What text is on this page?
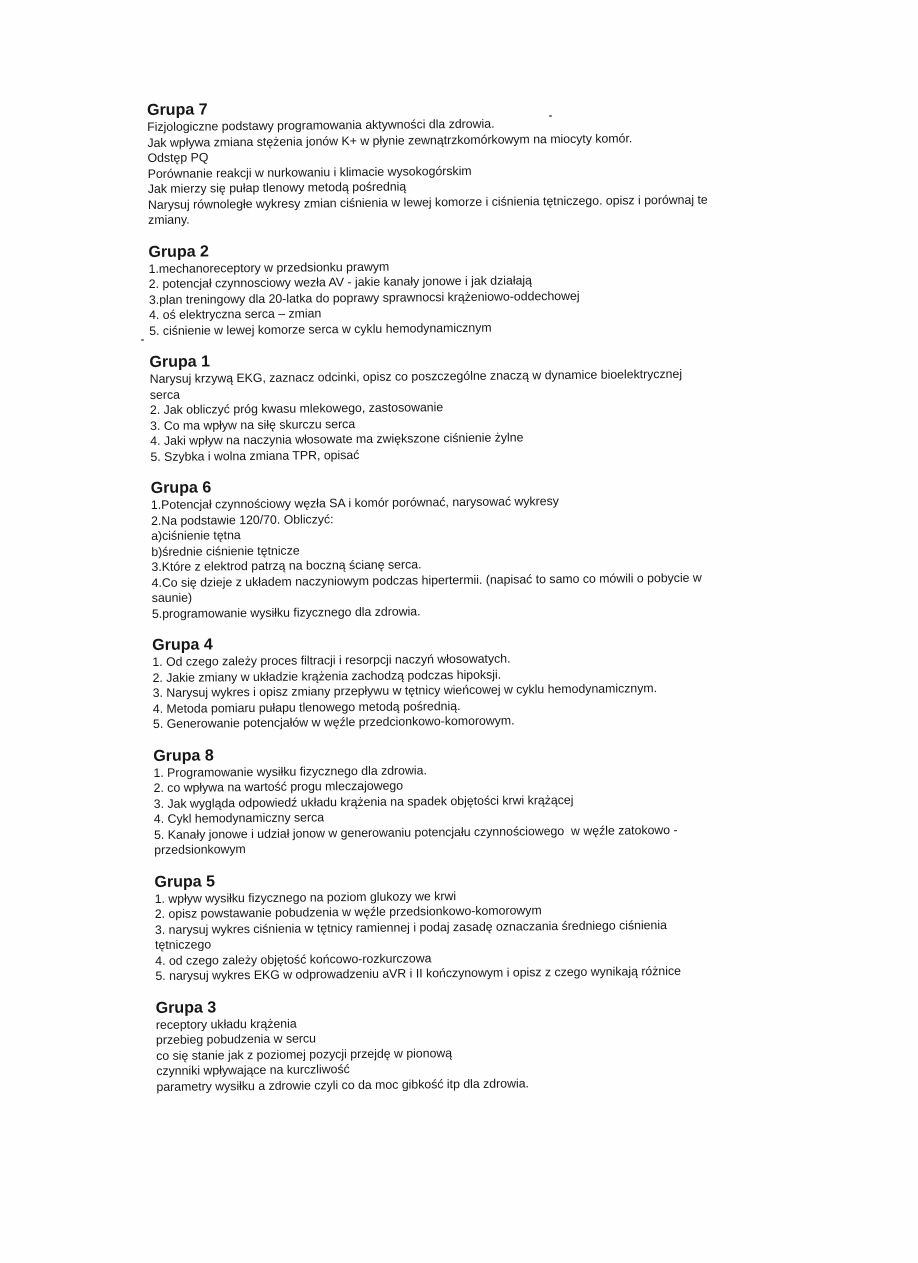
Grupa 7

Fizjologiczne podstawy programowania aktywności dla zdrowia.

Jak wpływa zmiana stężenia jonów K+ w płynie zewnątrzkomórkowym na miocyty komór.

Odstęp PQ

Porównanie reakcji w nurkowaniu i klimacie wysokogórskim

Jak mierzy się pułap tlenowy metodą pośrednią

Narysuj równoległe wykresy zmian ciśnienia w lewej komorze i ciśnienia tętniczego. opisz i porównaj te

zmiany.

Grupa 2

1.mechanoreceptory w przedsionku prawym

2. potencjał czynnosciowy wezła AV - jakie kanały jonowe i jak działają

3.plan treningowy dla 20-latka do poprawy sprawnocsi krążeniowo-oddechowej

4. oś elektryczna serca – zmian

5. ciśnienie w lewej komorze serca w cyklu hemodynamicznym

Grupa 1

Narysuj krzywą EKG, zaznacz odcinki, opisz co poszczególne znaczą w dynamice bioelektrycznej

serca

2. Jak obliczyć próg kwasu mlekowego, zastosowanie

3. Co ma wpływ na siłę skurczu serca

4. Jaki wpływ na naczynia włosowate ma zwiększone ciśnienie żylne

5. Szybka i wolna zmiana TPR, opisać

Grupa 6

1.Potencjał czynnościowy węzła SA i komór porównać, narysować wykresy

2.Na podstawie 120/70. Obliczyć:

a)ciśnienie tętna

b)średnie ciśnienie tętnicze

3.Które z elektrod patrzą na boczną ścianę serca.

4.Co się dzieje z układem naczyniowym podczas hipertermii. (napisać to samo co mówili o pobycie w

saunie)

5.programowanie wysiłku fizycznego dla zdrowia.

Grupa 4

1. Od czego zależy proces filtracji i resorpcji naczyń włosowatych.

2. Jakie zmiany w układzie krążenia zachodzą podczas hipoksji.

3. Narysuj wykres i opisz zmiany przepływu w tętnicy wieńcowej w cyklu hemodynamicznym.

4. Metoda pomiaru pułapu tlenowego metodą pośrednią.

5. Generowanie potencjałów w węźle przedcionkowo-komorowym.

Grupa 8

1. Programowanie wysiłku fizycznego dla zdrowia.

2. co wpływa na wartość progu mleczajowego

3. Jak wygląda odpowiedź układu krążenia na spadek objętości krwi krążącej

4. Cykl hemodynamiczny serca

5. Kanały jonowe i udział jonow w generowaniu potencjału czynnościowego  w węźle zatokowo -

przedsionkowym

Grupa 5

1. wpływ wysiłku fizycznego na poziom glukozy we krwi

2. opisz powstawanie pobudzenia w węźle przedsionkowo-komorowym

3. narysuj wykres ciśnienia w tętnicy ramiennej i podaj zasadę oznaczania średniego ciśnienia

tętniczego

4. od czego zależy objętość końcowo-rozkurczowa

5. narysuj wykres EKG w odprowadzeniu aVR i II kończynowym i opisz z czego wynikają różnice

Grupa 3

receptory układu krążenia

przebieg pobudzenia w sercu

co się stanie jak z poziomej pozycji przejdę w pionową

czynniki wpływające na kurczliwość

parametry wysiłku a zdrowie czyli co da moc gibkość itp dla zdrowia.
